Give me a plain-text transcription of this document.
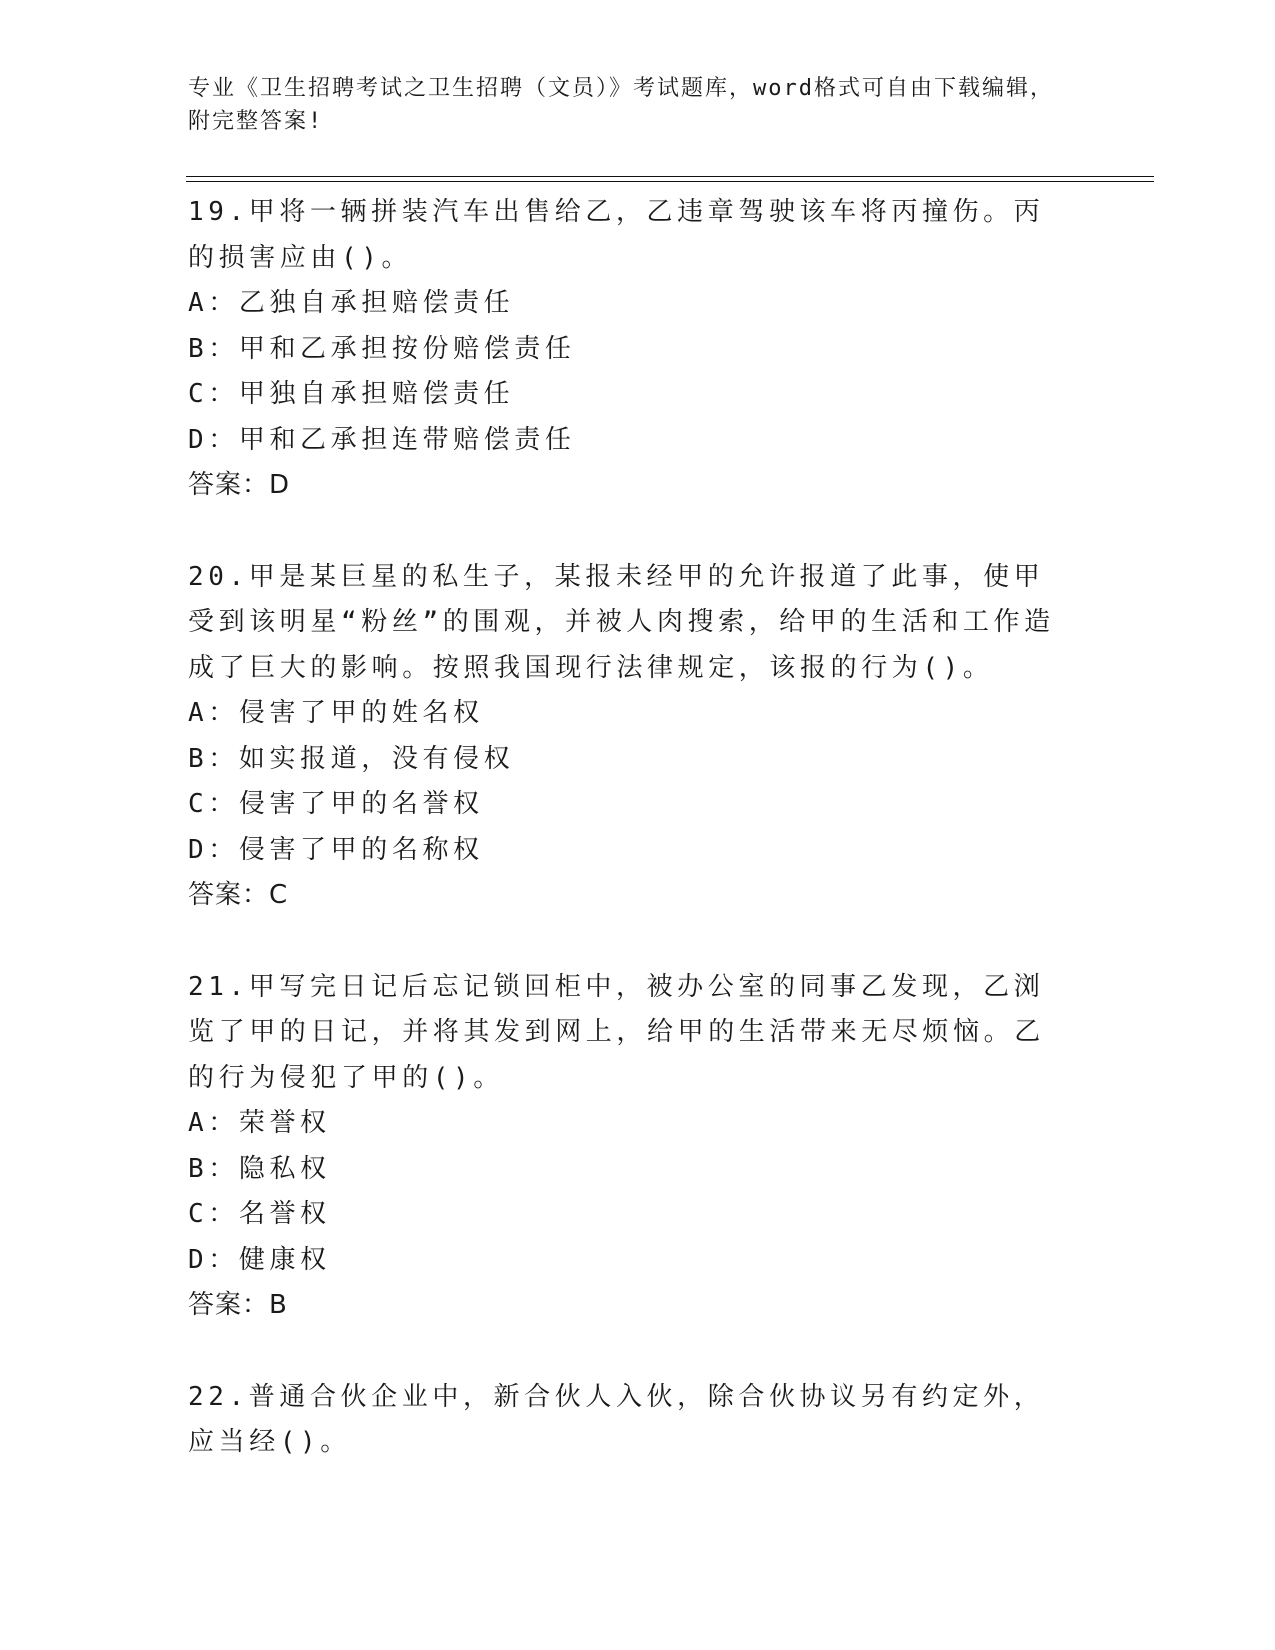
专业《卫生招聘考试之卫生招聘（文员）》考试题库，word格式可自由下载编辑，附完整答案!
19.甲将一辆拼装汽车出售给乙，乙违章驾驶该车将丙撞伤。丙的损害应由()。
A：乙独自承担赔偿责任
B：甲和乙承担按份赔偿责任
C：甲独自承担赔偿责任
D：甲和乙承担连带赔偿责任
答案：D
20.甲是某巨星的私生子，某报未经甲的允许报道了此事，使甲受到该明星“粉丝”的围观，并被人肉搜索，给甲的生活和工作造成了巨大的影响。按照我国现行法律规定，该报的行为()。
A：侵害了甲的姓名权
B：如实报道，没有侵权
C：侵害了甲的名誉权
D：侵害了甲的名称权
答案：C
21.甲写完日记后忘记锁回柜中，被办公室的同事乙发现，乙浏览了甲的日记，并将其发到网上，给甲的生活带来无尽烦恼。乙的行为侵犯了甲的()。
A：荣誉权
B：隐私权
C：名誉权
D：健康权
答案：B
22.普通合伙企业中，新合伙人入伙，除合伙协议另有约定外，应当经()。
